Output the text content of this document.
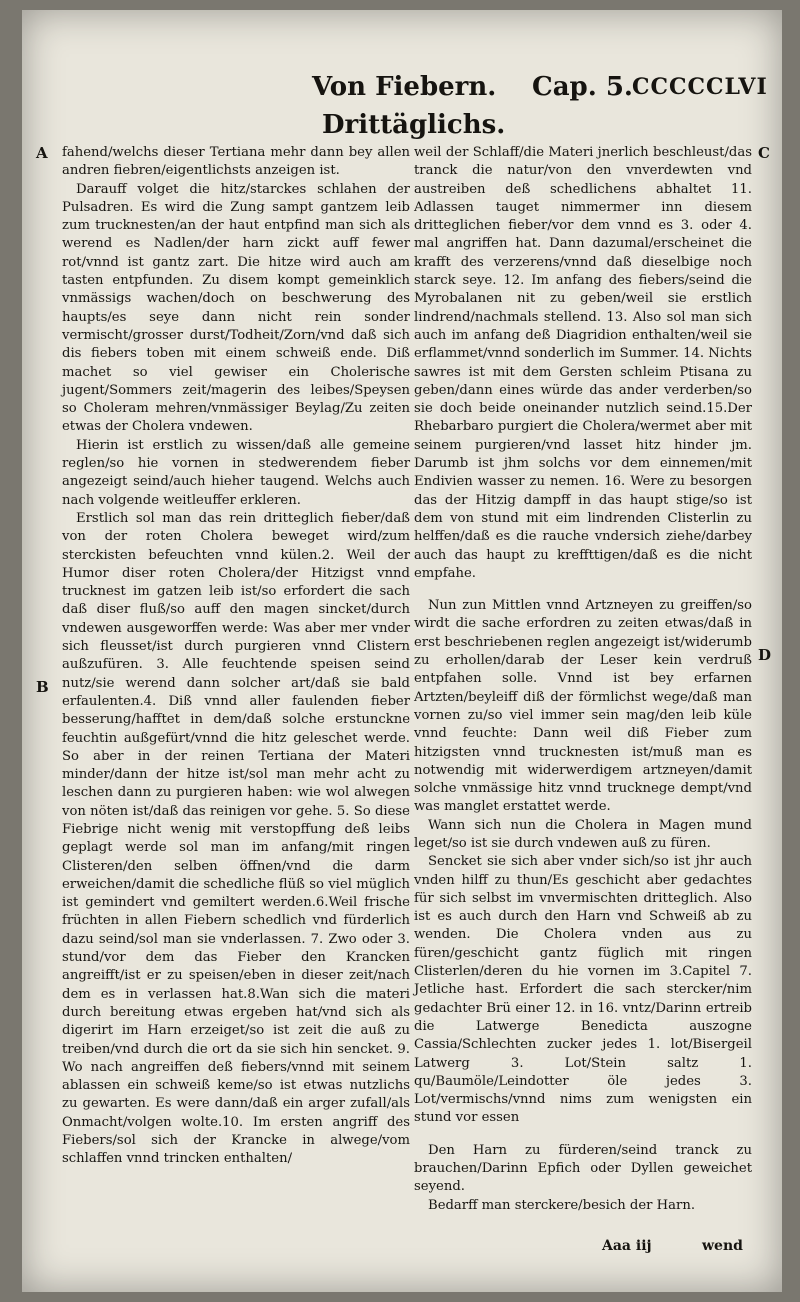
Von Fiebern. Cap. 5. CCCCCLVI
Drittäglichs.
A
B
C
D

fahend/welchs dieser Tertiana mehr dann bey allen andren fiebren/eigentlichsts anzeigen ist.

Darauff volget die hitz/starckes schlahen der Pulsadren. Es wird die Zung sampt gantzem leib zum trucknesten/an der haut entpfind man sich als werend es Nadlen/der harn zickt auff fewer rot/vnnd ist gantz zart. Die hitze wird auch am tasten entpfunden. Zu disem kompt gemeinklich vnmässigs wachen/doch on beschwerung des haupts/es seye dann nicht rein sonder vermischt/grosser durst/Todheit/Zorn/vnd daß sich dis fiebers toben mit einem schweiß ende. Diß machet so viel gewiser ein Cholerische jugent/Sommers zeit/magerin des leibes/Speysen so Choleram mehren/vnmässiger Beylag/Zu zeiten etwas der Cholera vndewen.

Hierin ist erstlich zu wissen/daß alle gemeine reglen/so hie vornen in stedwerendem fieber angezeigt seind/auch hieher taugend. Welchs auch nach volgende weitleuffer erkleren.

Erstlich sol man das rein dritteglich fieber/daß von der roten Cholera beweget wird/zum sterckisten befeuchten vnnd külen.2. Weil der Humor diser roten Cholera/der Hitzigst vnnd trucknest im gatzen leib ist/so erfordert die sach daß diser fluß/so auff den magen sincket/durch vndewen ausgeworffen werde: Was aber mer vnder sich fleusset/ist durch purgieren vnnd Clistern außzufüren. 3. Alle feuchtende speisen seind nutz/sie werend dann solcher art/daß sie bald erfaulenten.4. Diß vnnd aller faulenden fieber besserung/hafftet in dem/daß solche erstunckne feuchtin außgefürt/vnnd die hitz geleschet werde. So aber in der reinen Tertiana der Materi minder/dann der hitze ist/sol man mehr acht zu leschen dann zu purgieren haben: wie wol alwegen von nöten ist/daß das reinigen vor gehe. 5. So diese Fiebrige nicht wenig mit verstopffung deß leibs geplagt werde sol man im anfang/mit ringen Clisteren/den selben öffnen/vnd die darm erweichen/damit die schedliche flüß so viel müglich ist gemindert vnd gemiltert werden.6.Weil frische früchten in allen Fiebern schedlich vnd fürderlich dazu seind/sol man sie vnderlassen. 7. Zwo oder 3. stund/vor dem das Fieber den Krancken angreifft/ist er zu speisen/eben in dieser zeit/nach dem es in verlassen hat.8.Wan sich die materi durch bereitung etwas ergeben hat/vnd sich als digerirt im Harn erzeiget/so ist zeit die auß zu treiben/vnd durch die ort da sie sich hin sencket. 9. Wo nach angreiffen deß fiebers/vnnd mit seinem ablassen ein schweiß keme/so ist etwas nutzlichs zu gewarten. Es were dann/daß ein arger zufall/als Onmacht/volgen wolte.10. Im ersten angriff des Fiebers/sol sich der Krancke in alwege/vom schlaffen vnnd trincken enthalten/

weil der Schlaff/die Materi jnerlich beschleust/das tranck die natur/von den vnverdewten vnd austreiben deß schedlichens abhaltet 11. Adlassen tauget nimmermer inn diesem dritteglichen fieber/vor dem vnnd es 3. oder 4. mal angriffen hat. Dann dazumal/erscheinet die krafft des verzerens/vnnd daß dieselbige noch starck seye. 12. Im anfang des fiebers/seind die Myrobalanen nit zu geben/weil sie erstlich lindrend/nachmals stellend. 13. Also sol man sich auch im anfang deß Diagridion enthalten/weil sie erflammet/vnnd sonderlich im Summer. 14. Nichts sawres ist mit dem Gersten schleim Ptisana zu geben/dann eines würde das ander verderben/so sie doch beide oneinander nutzlich seind.15.Der Rhebarbaro purgiert die Cholera/wermet aber mit seinem purgieren/vnd lasset hitz hinder jm. Darumb ist jhm solchs vor dem einnemen/mit Endivien wasser zu nemen. 16. Were zu besorgen das der Hitzig dampff in das haupt stige/so ist dem von stund mit eim lindrenden Clisterlin zu helffen/daß es die rauche vndersich ziehe/darbey auch das haupt zu kreffttigen/daß es die nicht empfahe.

Nun zun Mittlen vnnd Artzneyen zu greiffen/so wirdt die sache erfordren zu zeiten etwas/daß in erst beschriebenen reglen angezeigt ist/widerumb zu erhollen/darab der Leser kein verdruß entpfahen solle. Vnnd ist bey erfarnen Artzten/beyleiff diß der förmlichst wege/daß man vornen zu/so viel immer sein mag/den leib küle vnnd feuchte: Dann weil diß Fieber zum hitzigsten vnnd trucknesten ist/muß man es notwendig mit widerwerdigem artzneyen/damit solche vnmässige hitz vnnd trucknege dempt/vnd was manglet erstattet werde.

Wann sich nun die Cholera in Magen mund leget/so ist sie durch vndewen auß zu füren.

Sencket sie sich aber vnder sich/so ist jhr auch vnden hilff zu thun/Es geschicht aber gedachtes für sich selbst im vnvermischten dritteglich. Also ist es auch durch den Harn vnd Schweiß ab zu wenden. Die Cholera vnden aus zu füren/geschicht gantz füglich mit ringen Clisterlen/deren du hie vornen im 3.Capitel 7. Jetliche hast. Erfordert die sach stercker/nim gedachter Brü einer 12. in 16. vntz/Darinn ertreib die Latwerge Benedicta auszogne Cassia/Schlechten zucker jedes 1. lot/Bisergeil Latwerg 3. Lot/Stein saltz 1. qu/Baumöle/Leindotter öle jedes 3. Lot/vermischs/vnnd nims zum wenigsten ein stund vor essen

Den Harn zu fürderen/seind tranck zu brauchen/Darinn Epfich oder Dyllen geweichet seyend.

Bedarff man sterckere/besich der Harn.

Aaa iij	wend
